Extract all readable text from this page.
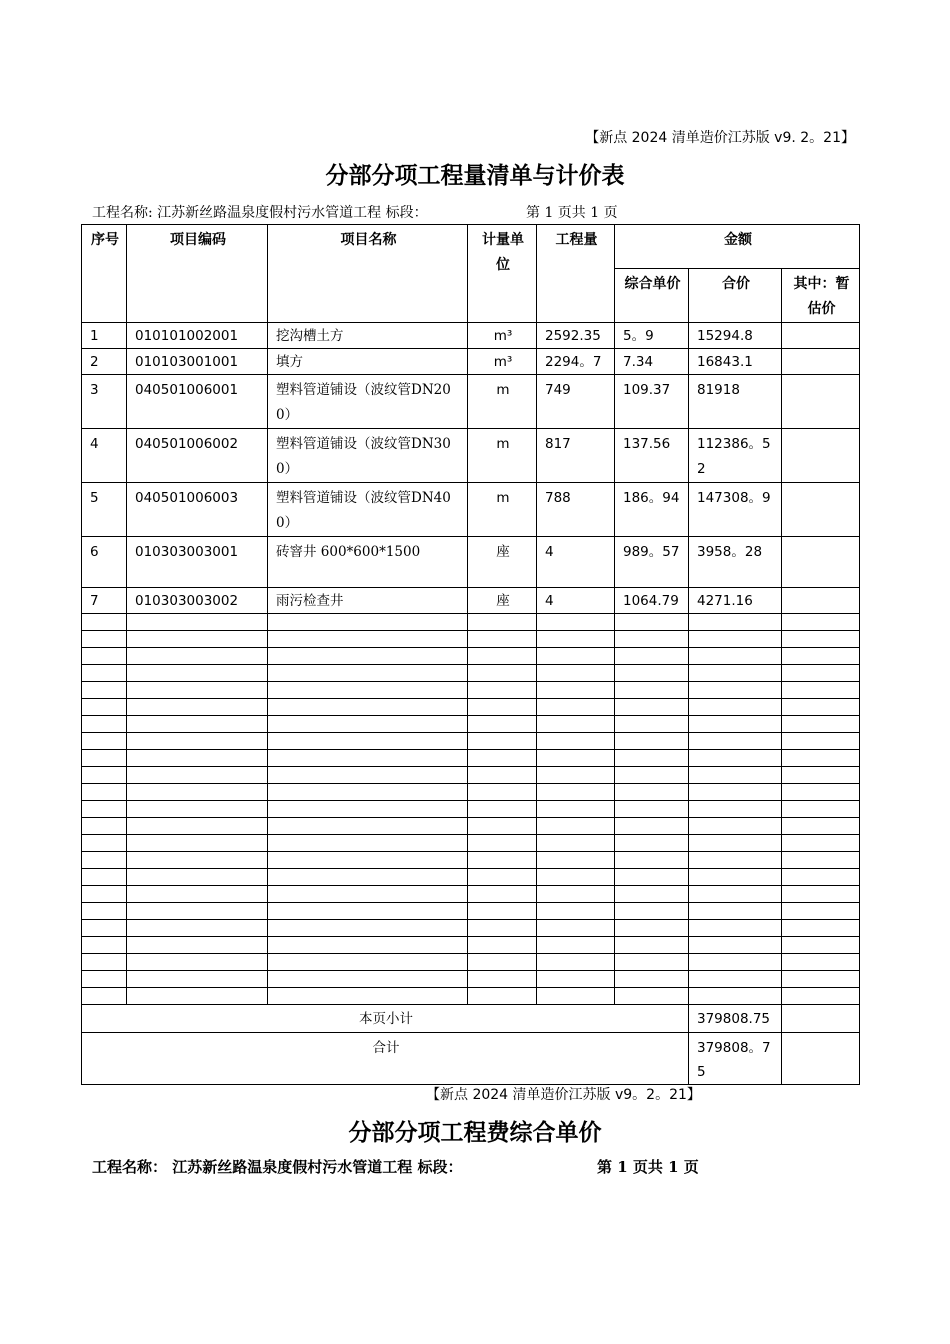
【新点 2024 清单造价江苏版 v9. 2。21】
分部分项工程量清单与计价表
工程名称: 江苏新丝路温泉度假村污水管道工程 标段：	第 1 页共 1 页
序号	项目编码	项目名称	计量单位	工程量	金额		
					综合单价	合价	其中：暂估价
1	010101002001	挖沟槽土方	m³	2592.35	5。9	15294.8	
2	010103001001	填方	m³	2294。7	7.34	16843.1	
3	040501006001	塑料管道铺设（波纹管DN200）	m	749	109.37	81918	
4	040501006002	塑料管道铺设（波纹管DN300）	m	817	137.56	112386。52	
5	040501006003	塑料管道铺设（波纹管DN400）	m	788	186。94	147308。9	
6	010303003001	砖窨井 600*600*1500	座	4	989。57	3958。28	
7	010303003002	雨污检查井	座	4	1064.79	4271.16	

本页小计						379808.75	
合计						379808。75	
【新点 2024 清单造价江苏版 v9。2。21】
分部分项工程费综合单价
工程名称： 江苏新丝路温泉度假村污水管道工程 标段：	第 1 页共 1 页
